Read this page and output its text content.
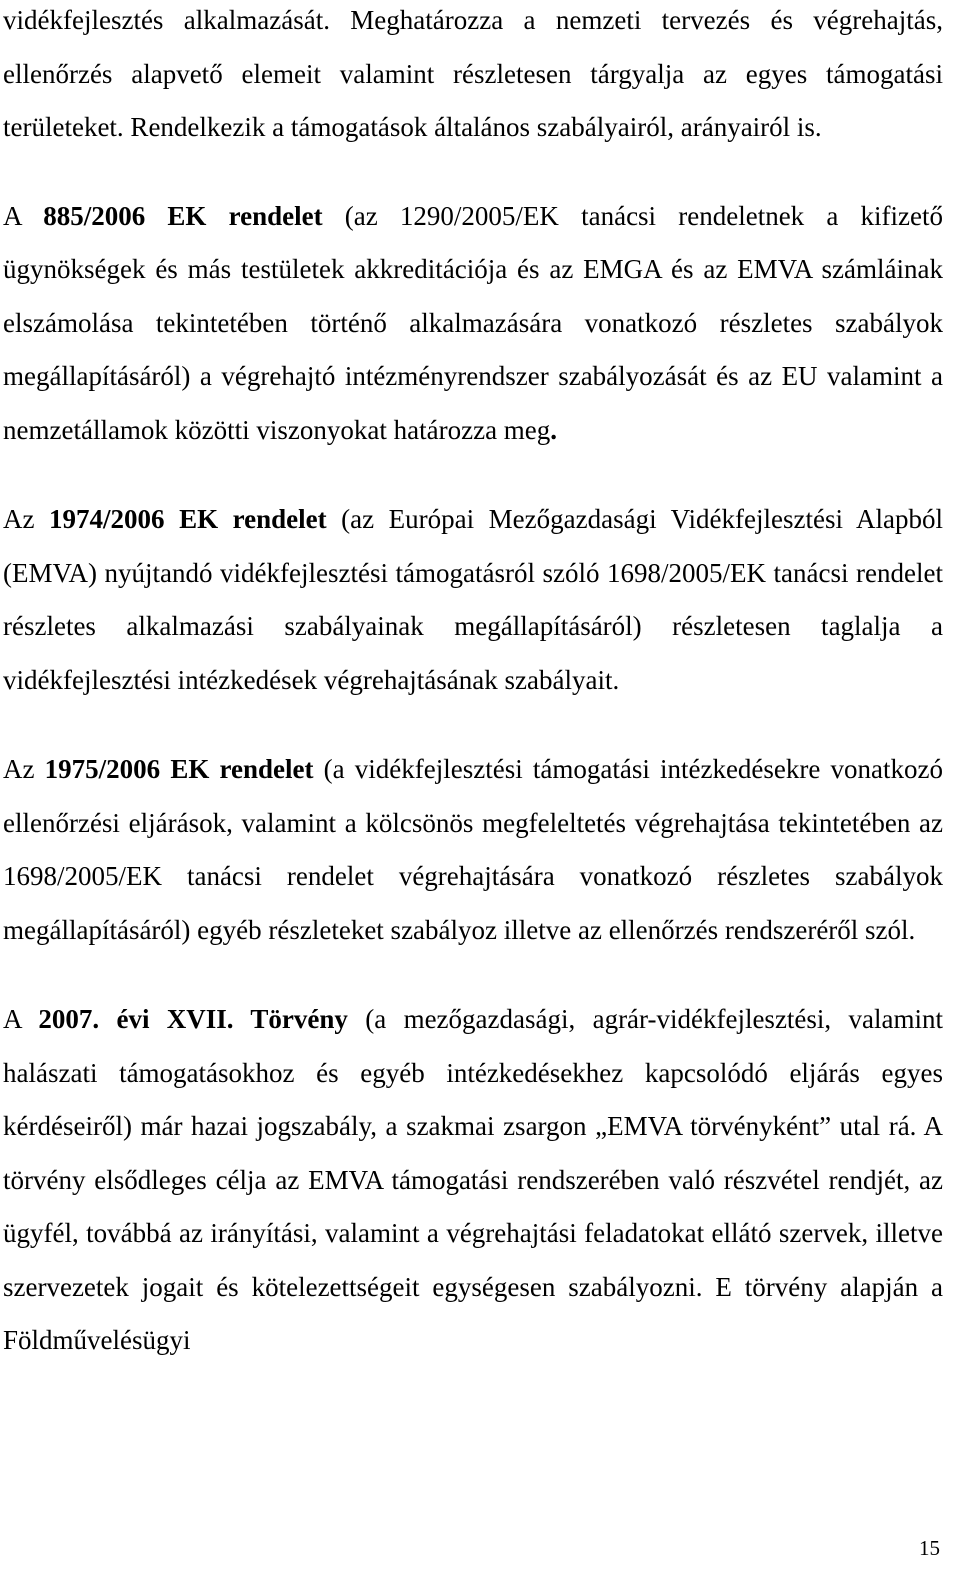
vidékfejlesztés alkalmazását. Meghatározza a nemzeti tervezés és végrehajtás, ellenőrzés alapvető elemeit valamint részletesen tárgyalja az egyes támogatási területeket. Rendelkezik a támogatások általános szabályairól, arányairól is.

A 885/2006 EK rendelet (az 1290/2005/EK tanácsi rendeletnek a kifizető ügynökségek és más testületek akkreditációja és az EMGA és az EMVA számláinak elszámolása tekintetében történő alkalmazására vonatkozó részletes szabályok megállapításáról) a végrehajtó intézményrendszer szabályozását és az EU valamint a nemzetállamok közötti viszonyokat határozza meg.

Az 1974/2006 EK rendelet (az Európai Mezőgazdasági Vidékfejlesztési Alapból (EMVA) nyújtandó vidékfejlesztési támogatásról szóló 1698/2005/EK tanácsi rendelet részletes alkalmazási szabályainak megállapításáról) részletesen taglalja a vidékfejlesztési intézkedések végrehajtásának szabályait.

Az 1975/2006 EK rendelet (a vidékfejlesztési támogatási intézkedésekre vonatkozó ellenőrzési eljárások, valamint a kölcsönös megfeleltetés végrehajtása tekintetében az 1698/2005/EK tanácsi rendelet végrehajtására vonatkozó részletes szabályok megállapításáról) egyéb részleteket szabályoz illetve az ellenőrzés rendszeréről szól.

A 2007. évi XVII. Törvény (a mezőgazdasági, agrár-vidékfejlesztési, valamint halászati támogatásokhoz és egyéb intézkedésekhez kapcsolódó eljárás egyes kérdéseiről) már hazai jogszabály, a szakmai zsargon „EMVA törvényként” utal rá. A törvény elsődleges célja az EMVA támogatási rendszerében való részvétel rendjét, az ügyfél, továbbá az irányítási, valamint a végrehajtási feladatokat ellátó szervek, illetve szervezetek jogait és kötelezettségeit egységesen szabályozni. E törvény alapján a Földművelésügyi

15
